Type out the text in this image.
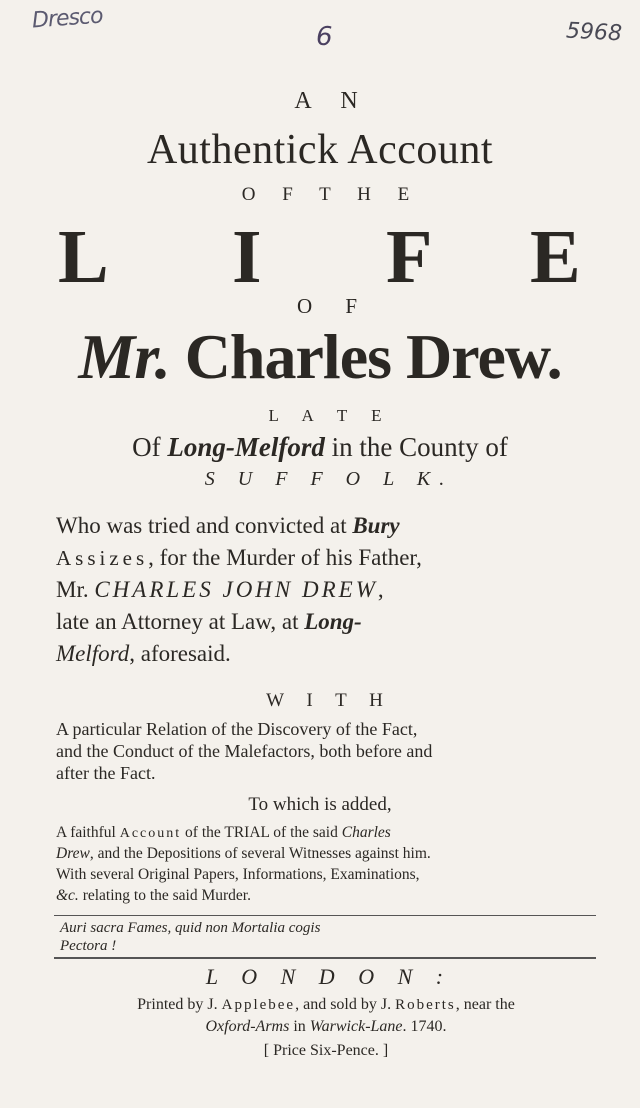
Dresco
6	5968
A N
Authentick Account
O F T H E
L I F E
O F
Mr. Charles Drew.
L A T E
Of Long-Melford in the County of
S U F F O L K.
Who was tried and convicted at Bury
Assizes, for the Murder of his Father,
Mr. CHARLES JOHN DREW,
late an Attorney at Law, at Long-
Melford, aforesaid.
W I T H
A particular Relation of the Discovery of the Fact,
and the Conduct of the Malefactors, both before and
after the Fact.
To which is added,
A faithful Account of the TRIAL of the said Charles
Drew, and the Depositions of several Witnesses against him.
With several Original Papers, Informations, Examinations,
&c. relating to the said Murder.
Auri sacra Fames, quid non Mortalia cogis
Pectora !
L O N D O N :
Printed by J. Applebee, and sold by J. Roberts, near the
Oxford-Arms in Warwick-Lane. 1740.
[ Price Six-Pence. ]
